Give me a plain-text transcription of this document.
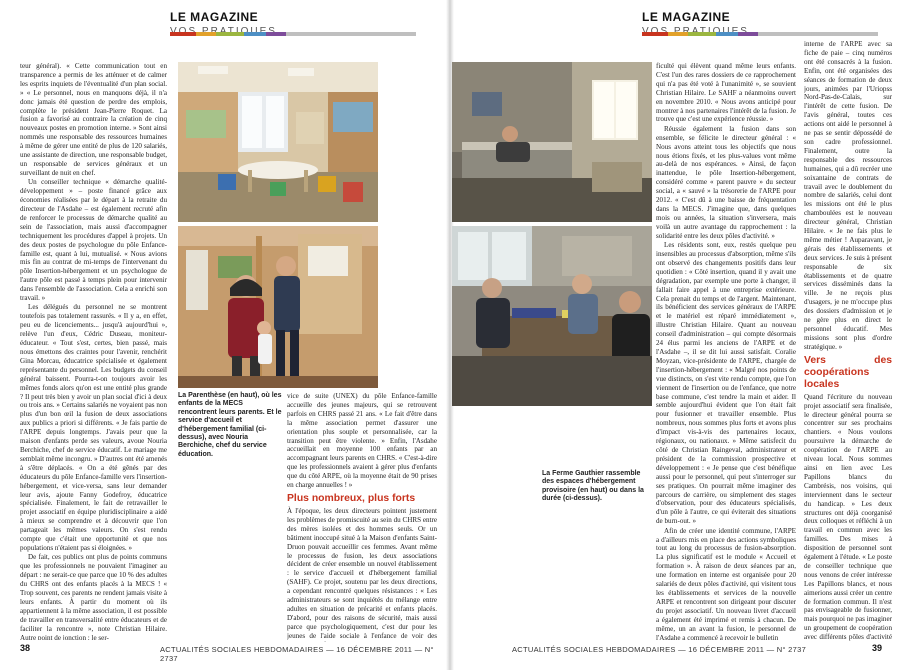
LE MAGAZINE

teur général). « Cette communication tout en transparence a permis de les atténuer et de calmer les esprits inquiets de l'éventualité d'un plan social. » « Le personnel, nous en manquons déjà, il n'a donc jamais été question de perdre des emplois, complète le président Jean-Pierre Roquet. La fusion a favorisé au contraire la création de cinq nouveaux postes en promotion interne. » Sont ainsi nommés une responsable des ressources humaines à même de gérer une entité de plus de 120 salariés, une assistante de direction, une responsable budget, un responsable de services généraux et un surveillant de nuit en chef.

Un conseiller technique « démarche qualité-développement » – poste financé grâce aux économies réalisées par le départ à la retraite du directeur de l'Asdahe – est également recruté afin de renforcer le processus de démarche qualité au sein de l'association, mais aussi d'accompagner techniquement les procédures d'appel à projets. Un des deux postes de psychologue du pôle Enfance-famille est, quant à lui, mutualisé. « Nous avions mis fin au contrat de mi-temps de l'intervenant du pôle Insertion-hébergement et un psychologue de l'autre pôle est passé à temps plein pour intervenir dans l'ensemble de l'association. Cela a enrichi son travail. »

Les délégués du personnel ne se montrent toutefois pas totalement rassurés. « Il y a, en effet, peu eu de licenciements... jusqu'à aujourd'hui », relève l'un d'eux, Cédric Duseau, moniteur-éducateur. « Tout s'est, certes, bien passé, mais nous émettons des craintes pour l'avenir, renchérit Gina Morcau, éducatrice spécialisée et également représentante du personnel. Les budgets du conseil général baissent. Pourra-t-on toujours avoir les mêmes fonds alors qu'on est une entité plus grande ? Il peut très bien y avoir un plan social d'ici à deux ou trois ans. » Certains salariés ne voyaient pas non plus d'un bon œil la fusion de deux associations aux publics a priori si différents. « Je fais partie de l'ARPE depuis longtemps. J'avais peur que la maison d'enfants perde ses valeurs, avoue Nouria Berchiche, chef de service éducatif. Le mariage me semblait même incongru. » D'autres ont été amenés à s'être déplacés. « On a été gênés par des éducateurs du pôle Enfance-famille vers l'insertion-hébergement, et vice-versa, sans leur demander leur avis, ajoute Fanny Godefroy, éducatrice spécialisée. Finalement, le fait de retravailler le projet associatif en équipe pluridisciplinaire a aidé à mieux se comprendre et à découvrir que l'on partageait les mêmes valeurs. On s'est rendu compte que c'était une opportunité et que nos populations n'étaient pas si éloignées. »

De fait, ces publics ont plus de points communs que les professionnels ne pouvaient l'imaginer au départ : ne serait-ce que parce que 10 % des adultes du CHRS ont des enfants placés à la MECS ! « Trop souvent, ces parents ne rendent jamais visite à leurs enfants. À partir du moment où ils appartiennent à la même association, il est possible de travailler en transversalité entre éducateurs et de faciliter la rencontre », note Christian Hilaire. Autre point de jonction : le ser-

La Parenthèse (en haut), où les enfants de la MECS rencontrent leurs parents. Et le service d'accueil et d'hébergement familial (ci-dessus), avec Nouria Berchiche, chef du service éducation.

vice de suite (UNEX) du pôle Enfance-famille accueille des jeunes majeurs, qui se retrouvent parfois en CHRS passé 21 ans. « Le fait d'être dans la même association permet d'assurer une orientation plus souple et personnalisée, car la transition peut être violente. » Enfin, l'Asdahe accueillait en moyenne 100 enfants par an accompagnant leurs parents en CHRS. « C'est-à-dire que les professionnels avaient à gérer plus d'enfants que du côté ARPE, où la moyenne était de 90 prises en charge annuelles ! »

Plus nombreux, plus forts

À l'époque, les deux directeurs pointent justement les problèmes de promiscuité au sein du CHRS entre des mères isolées et des hommes seuls. Or un bâtiment inoccupé situé à la Maison d'enfants Saint-Druon pouvait accueillir ces femmes. Avant même le processus de fusion, les deux associations décident de créer ensemble un nouvel établissement : le service d'accueil et d'hébergement familial (SAHF). Ce projet, soutenu par les deux directions, a cependant rencontré quelques résistances : « Les administrateurs se sont inquiétés du mélange entre adultes en situation de précarité et enfants placés. D'abord, pour des raisons de sécurité, mais aussi parce que psychologiquement, c'est dur pour les jeunes de l'aide sociale à l'enfance de voir des

38	ACTUALITÉS SOCIALES HEBDOMADAIRES — 16 DÉCEMBRE 2011 — N° 2737
LE MAGAZINE
La Ferme Gauthier rassemble des espaces d'hébergement provisoire (en haut) ou dans la durée (ci-dessus).

ficulté qui élèvent quand même leurs enfants. C'est l'un des rares dossiers de ce rapprochement qui n'a pas été voté à l'unanimité », se souvient Christian Hilaire. Le SAHF a néanmoins ouvert en novembre 2010. « Nous avons anticipé pour montrer à nos partenaires l'intérêt de la fusion. Je trouve que c'est une expérience réussie. »

Réussie également la fusion dans son ensemble, se félicite le directeur général : « Nous avons atteint tous les objectifs que nous nous étions fixés, et les plus-values vont même au-delà de nos espérances. » Ainsi, de façon inattendue, le pôle Insertion-hébergement, considéré comme « parent pauvre » du secteur social, a « sauvé » la trésorerie de l'ARPE pour 2012. « C'est dû à une baisse de fréquentation dans la MECS. J'imagine que, dans quelques mois ou années, la situation s'inversera, mais voilà un autre avantage du rapprochement : la solidarité entre les deux pôles d'activité. »

Les résidents sont, eux, restés quelque peu insensibles au processus d'absorption, même s'ils ont observé des changements positifs dans leur quotidien : « Côté insertion, quand il y avait une dégradation, par exemple une porte à changer, il fallait faire appel à une entreprise extérieure. Cela prenait du temps et de l'argent. Maintenant, ils bénéficient des services généraux de l'ARPE et le matériel est réparé immédiatement », illustre Christian Hilaire. Quant au nouveau conseil d'administration – qui compte désormais 24 élus parmi les anciens de l'ARPE et de l'Asdahe –, il se dit lui aussi satisfait. Coralie Moyzan, vice-présidente de l'ARPE, chargée de l'insertion-hébergement : « Malgré nos points de vue distincts, on s'est vite rendu compte, que l'on viennent de l'insertion ou de l'enfance, que notre base commune, c'est tendre la main et aider. Il semble aujourd'hui évident que l'on était fait pour fusionner et travailler ensemble. Plus nombreux, nous sommes plus forts et avons plus d'impact vis-à-vis des partenaires locaux, régionaux, ou nationaux. » Même satisfecit du côté de Christian Raingeval, administrateur et président de la commission prospective et développement : « Je pense que c'est bénéfique aussi pour le personnel, qui peut s'interroger sur ses pratiques. On pourrait même imaginer des parcours de carrière, ou simplement des stages d'observation, pour des éducateurs spécialisés, d'un pôle à l'autre, ce qui éviterait des situations de burn-out. »

Afin de créer une identité commune, l'ARPE a d'ailleurs mis en place des actions symboliques tout au long du processus de fusion-absorption. La plus significatif est le module « Accueil et formation ». À raison de deux séances par an, une formation en interne est organisée pour 20 salariés de deux pôles d'activité, qui visitent tous les établissements et services de la nouvelle ARPE et rencontrent son dirigeant pour discuter du projet associatif. Un nouveau livret d'accueil a également été imprimé et remis à chacun. De même, un an avant la fusion, le personnel de l'Asdahe a commencé à recevoir le bulletin

interne de l'ARPE avec sa fiche de paie – cinq numéros ont été consacrés à la fusion. Enfin, ont été organisées des séances de formation de deux jours, animées par l'Uriopss Nord-Pas-de-Calais, sur l'intérêt de cette fusion. De l'avis général, toutes ces actions ont aidé le personnel à ne pas se sentir dépossédé de son cadre professionnel. Finalement, outre la responsable des ressources humaines, qui a dû recréer une soixantaine de contrats de travail avec le doublement du nombre de salariés, celui dont les missions ont été le plus chamboulées est le nouveau directeur général, Christian Hilaire. « Je ne fais plus le même métier ! Auparavant, je gérais des établissements et deux services. Je suis à présent responsable de six établissements et de quatre services disséminés dans la ville. Je ne reçois plus d'usagers, je ne m'occupe plus des dossiers d'admission et je ne gère plus en direct le personnel éducatif. Mes missions sont plus d'ordre stratégique. »

Vers des coopérations locales

Quand l'écriture du nouveau projet associatif sera finalisée, le directeur général pourra se concentrer sur ses prochains chantiers. « Nous voulons poursuivre la démarche de coopération de l'ARPE au niveau local. Nous sommes ainsi en lien avec Les Papillons blancs du Cambrésis, nos voisins, qui interviennent dans le secteur du handicap. » Les deux structures ont déjà coorganisé deux colloques et réfléchi à un travail en commun avec les familles. Des mises à disposition de personnel sont également à l'étude. « Le poste de conseiller technique que nous venons de créer intéresse Les Papillons blancs, et nous aimerions aussi créer un centre de formation commun. Il n'est pas envisageable de fusionner, mais pourquoi ne pas imaginer un groupement de coopération avec différents pôles d'activité

39
ACTUALITÉS SOCIALES HEBDOMADAIRES — 16 DÉCEMBRE 2011 — N° 2737
